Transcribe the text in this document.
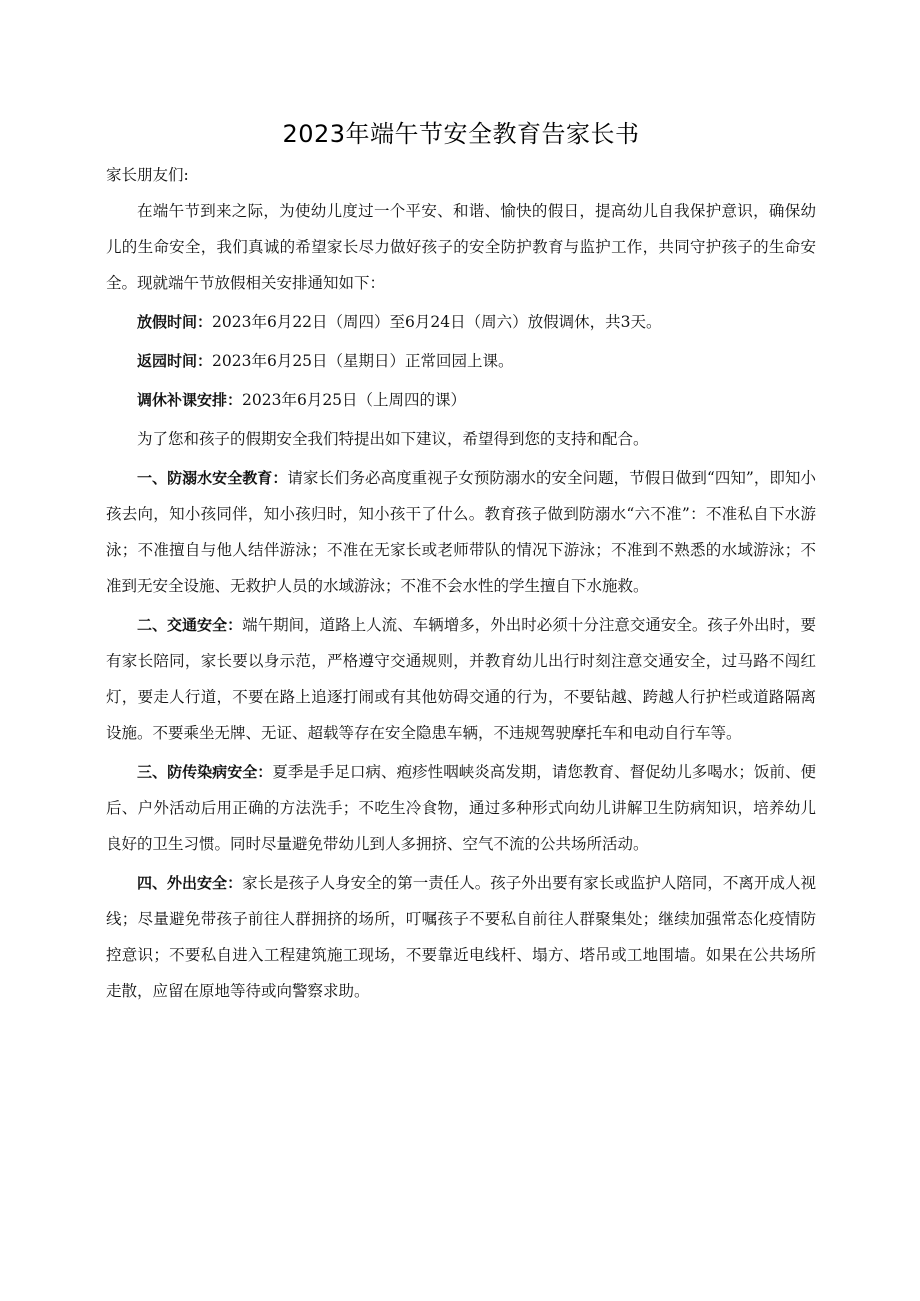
2023年端午节安全教育告家长书

家长朋友们:

在端午节到来之际，为使幼儿度过一个平安、和谐、愉快的假日，提高幼儿自我保护意识，确保幼儿的生命安全，我们真诚的希望家长尽力做好孩子的安全防护教育与监护工作，共同守护孩子的生命安全。现就端午节放假相关安排通知如下：

放假时间：2023年6月22日（周四）至6月24日（周六）放假调休，共3天。

返园时间：2023年6月25日（星期日）正常回园上课。

调休补课安排：2023年6月25日（上周四的课）

为了您和孩子的假期安全我们特提出如下建议，希望得到您的支持和配合。

一、防溺水安全教育：请家长们务必高度重视子女预防溺水的安全问题，节假日做到“四知”，即知小孩去向，知小孩同伴，知小孩归时，知小孩干了什么。教育孩子做到防溺水“六不准”：不准私自下水游泳；不准擅自与他人结伴游泳；不准在无家长或老师带队的情况下游泳；不准到不熟悉的水域游泳；不准到无安全设施、无救护人员的水域游泳；不准不会水性的学生擅自下水施救。

二、交通安全：端午期间，道路上人流、车辆增多，外出时必须十分注意交通安全。孩子外出时，要有家长陪同，家长要以身示范，严格遵守交通规则，并教育幼儿出行时刻注意交通安全，过马路不闯红灯，要走人行道，不要在路上追逐打闹或有其他妨碍交通的行为，不要钻越、跨越人行护栏或道路隔离设施。不要乘坐无牌、无证、超载等存在安全隐患车辆，不违规驾驶摩托车和电动自行车等。

三、防传染病安全：夏季是手足口病、疱疹性咽峡炎高发期，请您教育、督促幼儿多喝水；饭前、便后、户外活动后用正确的方法洗手；不吃生冷食物，通过多种形式向幼儿讲解卫生防病知识，培养幼儿良好的卫生习惯。同时尽量避免带幼儿到人多拥挤、空气不流的公共场所活动。

四、外出安全：家长是孩子人身安全的第一责任人。孩子外出要有家长或监护人陪同，不离开成人视线；尽量避免带孩子前往人群拥挤的场所，叮嘱孩子不要私自前往人群聚集处；继续加强常态化疫情防控意识；不要私自进入工程建筑施工现场，不要靠近电线杆、塌方、塔吊或工地围墙。如果在公共场所走散，应留在原地等待或向警察求助。
